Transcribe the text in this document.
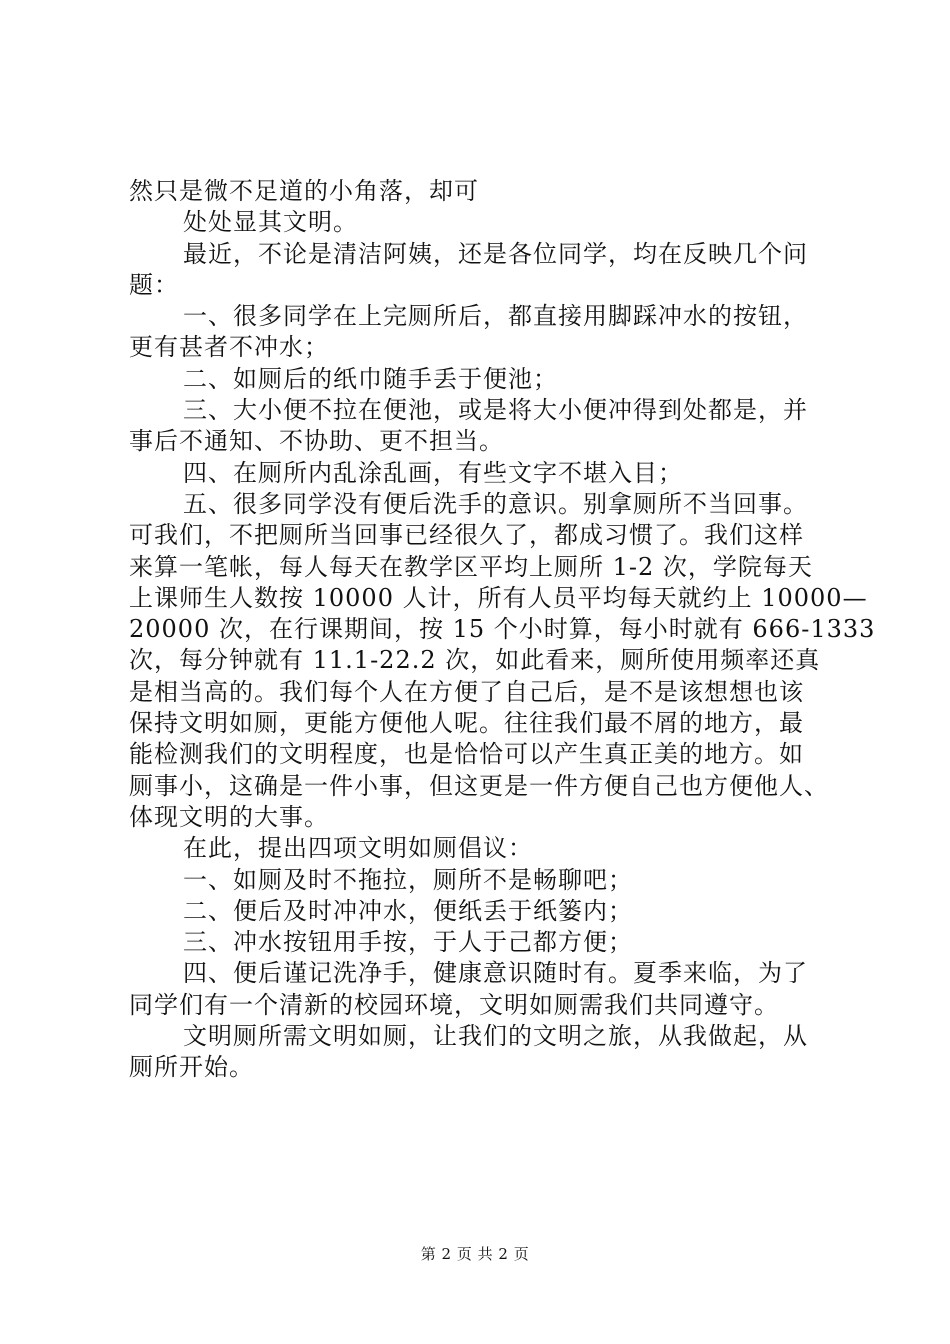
然只是微不足道的小角落，却可
处处显其文明。
最近，不论是清洁阿姨，还是各位同学，均在反映几个问
题：
一、很多同学在上完厕所后，都直接用脚踩冲水的按钮，
更有甚者不冲水；
二、如厕后的纸巾随手丢于便池；
三、大小便不拉在便池，或是将大小便冲得到处都是，并
事后不通知、不协助、更不担当。
四、在厕所内乱涂乱画，有些文字不堪入目；
五、很多同学没有便后洗手的意识。别拿厕所不当回事。
可我们，不把厕所当回事已经很久了，都成习惯了。我们这样
来算一笔帐，每人每天在教学区平均上厕所 1-2 次，学院每天
上课师生人数按 10000 人计，所有人员平均每天就约上 10000—
20000 次，在行课期间，按 15 个小时算，每小时就有 666-1333
次，每分钟就有 11.1-22.2 次，如此看来，厕所使用频率还真
是相当高的。我们每个人在方便了自己后，是不是该想想也该
保持文明如厕，更能方便他人呢。往往我们最不屑的地方，最
能检测我们的文明程度，也是恰恰可以产生真正美的地方。如
厕事小，这确是一件小事，但这更是一件方便自己也方便他人、
体现文明的大事。
在此，提出四项文明如厕倡议：
一、如厕及时不拖拉，厕所不是畅聊吧；
二、便后及时冲冲水，便纸丢于纸篓内；
三、冲水按钮用手按，于人于己都方便；
四、便后谨记洗净手，健康意识随时有。夏季来临，为了
同学们有一个清新的校园环境，文明如厕需我们共同遵守。
文明厕所需文明如厕，让我们的文明之旅，从我做起，从
厕所开始。
第 2 页 共 2 页
